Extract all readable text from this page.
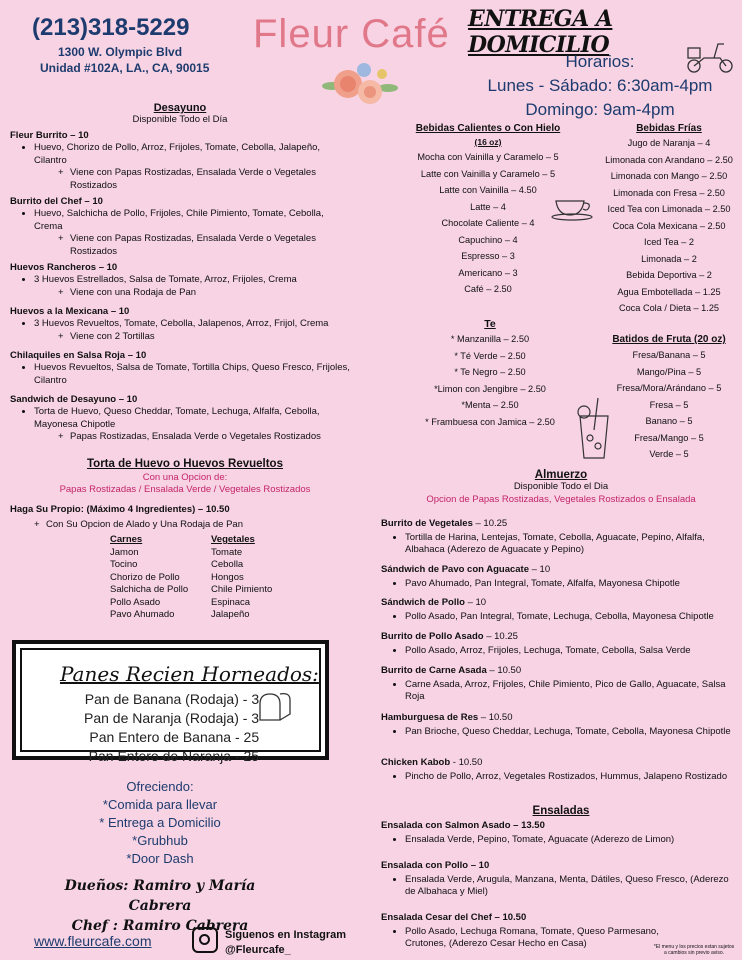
(213)318-5229
1300 W. Olympic Blvd
Unidad #102A, LA., CA, 90015
Fleur Café ENTREGA A DOMICILIO
Horarios:
Lunes - Sábado: 6:30am-4pm
Domingo: 9am-4pm
Desayuno
Disponible Todo el Día
Fleur Burrito – 10
• Huevo, Chorizo de Pollo, Arroz, Frijoles, Tomate, Cebolla, Jalapeño, Cilantro
+ Viene con Papas Rostizadas, Ensalada Verde o Vegetales Rostizados
Burrito del Chef – 10
• Huevo, Salchicha de Pollo, Frijoles, Chile Pimiento, Tomate, Cebolla, Crema
+ Viene con Papas Rostizadas, Ensalada Verde o Vegetales Rostizados
Huevos Rancheros – 10
• 3 Huevos Estrellados, Salsa de Tomate, Arroz, Frijoles, Crema
+ Viene con una Rodaja de Pan
Huevos a la Mexicana – 10
• 3 Huevos Revueltos, Tomate, Cebolla, Jalapenos, Arroz, Frijol, Crema
+ Viene con 2 Tortillas
Chilaquiles en Salsa Roja – 10
• Huevos Revueltos, Salsa de Tomate, Tortilla Chips, Queso Fresco, Frijoles, Cilantro
Sandwich de Desayuno – 10
• Torta de Huevo, Queso Cheddar, Tomate, Lechuga, Alfalfa, Cebolla, Mayonesa Chipotle
+ Papas Rostizadas, Ensalada Verde o Vegetales Rostizados
Torta de Huevo o Huevos Revueltos
Con una Opcion de:
Papas Rostizadas / Ensalada Verde / Vegetales Rostizados
Haga Su Propio: (Máximo 4 Ingredientes) – 10.50
+ Con Su Opcion de Alado y Una Rodaja de Pan
Carnes
Jamon
Tocino
Chorizo de Pollo
Salchicha de Pollo
Pollo Asado
Pavo Ahumado
Vegetales
Tomate
Cebolla
Hongos
Chile Pimiento
Espinaca
Jalapeño
Panes Recien Horneados:
Pan de Banana (Rodaja) - 3
Pan de Naranja (Rodaja) - 3
Pan Entero de Banana - 25
Pan Entero de Naranja - 25
Ofreciendo:
*Comida para llevar
* Entrega a Domicilio
*Grubhub
*Door Dash
Dueños: Ramiro y María Cabrera
Chef : Ramiro Cabrera
www.fleurcafe.com	Siguenos en Instagram
@Fleurcafe_	*El menu y los precios estan sujetos a cambios sin previo aviso.
Bebidas Calientes o Con Hielo
(16 oz)
Mocha con Vainilla y Caramelo – 5
Latte con Vainilla y Caramelo – 5
Latte con Vainilla – 4.50
Latte – 4
Chocolate Caliente – 4
Capuchino – 4
Espresso – 3
Americano – 3
Café – 2.50
Bebidas Frías
Jugo de Naranja – 4
Limonada con Arandano – 2.50
Limonada con Mango – 2.50
Limonada con Fresa – 2.50
Iced Tea con Limonada – 2.50
Coca Cola Mexicana – 2.50
Iced Tea – 2
Limonada – 2
Bebida Deportiva – 2
Agua Embotellada – 1.25
Coca Cola / Dieta – 1.25
Te
* Manzanilla – 2.50
* Té Verde – 2.50
* Te Negro – 2.50
*Limon con Jengibre – 2.50
*Menta – 2.50
* Frambuesa con Jamica – 2.50
Batidos de Fruta (20 oz)
Fresa/Banana – 5
Mango/Pina – 5
Fresa/Mora/Arándano – 5
Fresa – 5
Banano – 5
Fresa/Mango – 5
Verde – 5
Almuerzo
Disponible Todo el Dia
Opcion de Papas Rostizadas, Vegetales Rostizados o Ensalada
Burrito de Vegetales – 10.25
• Tortilla de Harina, Lentejas, Tomate, Cebolla, Aguacate, Pepino, Alfalfa, Albahaca (Aderezo de Aguacate y Pepino)
Sándwich de Pavo con Aguacate – 10
• Pavo Ahumado, Pan Integral, Tomate, Alfalfa, Mayonesa Chipotle
Sándwich de Pollo – 10
• Pollo Asado, Pan Integral, Tomate, Lechuga, Cebolla, Mayonesa Chipotle
Burrito de Pollo Asado – 10.25
• Pollo Asado, Arroz, Frijoles, Lechuga, Tomate, Cebolla, Salsa Verde
Burrito de Carne Asada – 10.50
• Carne Asada, Arroz, Frijoles, Chile Pimiento, Pico de Gallo, Aguacate, Salsa Roja
Hamburguesa de Res – 10.50
• Pan Brioche, Queso Cheddar, Lechuga, Tomate, Cebolla, Mayonesa Chipotle
Chicken Kabob - 10.50
• Pincho de Pollo, Arroz, Vegetales Rostizados, Hummus, Jalapeno Rostizado
Ensaladas
Ensalada con Salmon Asado – 13.50
• Ensalada Verde, Pepino, Tomate, Aguacate (Aderezo de Limon)
Ensalada con Pollo – 10
• Ensalada Verde, Arugula, Manzana, Menta, Dátiles, Queso Fresco, (Aderezo de Albahaca y Miel)
Ensalada Cesar del Chef – 10.50
• Pollo Asado, Lechuga Romana, Tomate, Queso Parmesano, Crutones, (Aderezo Cesar Hecho en Casa)
